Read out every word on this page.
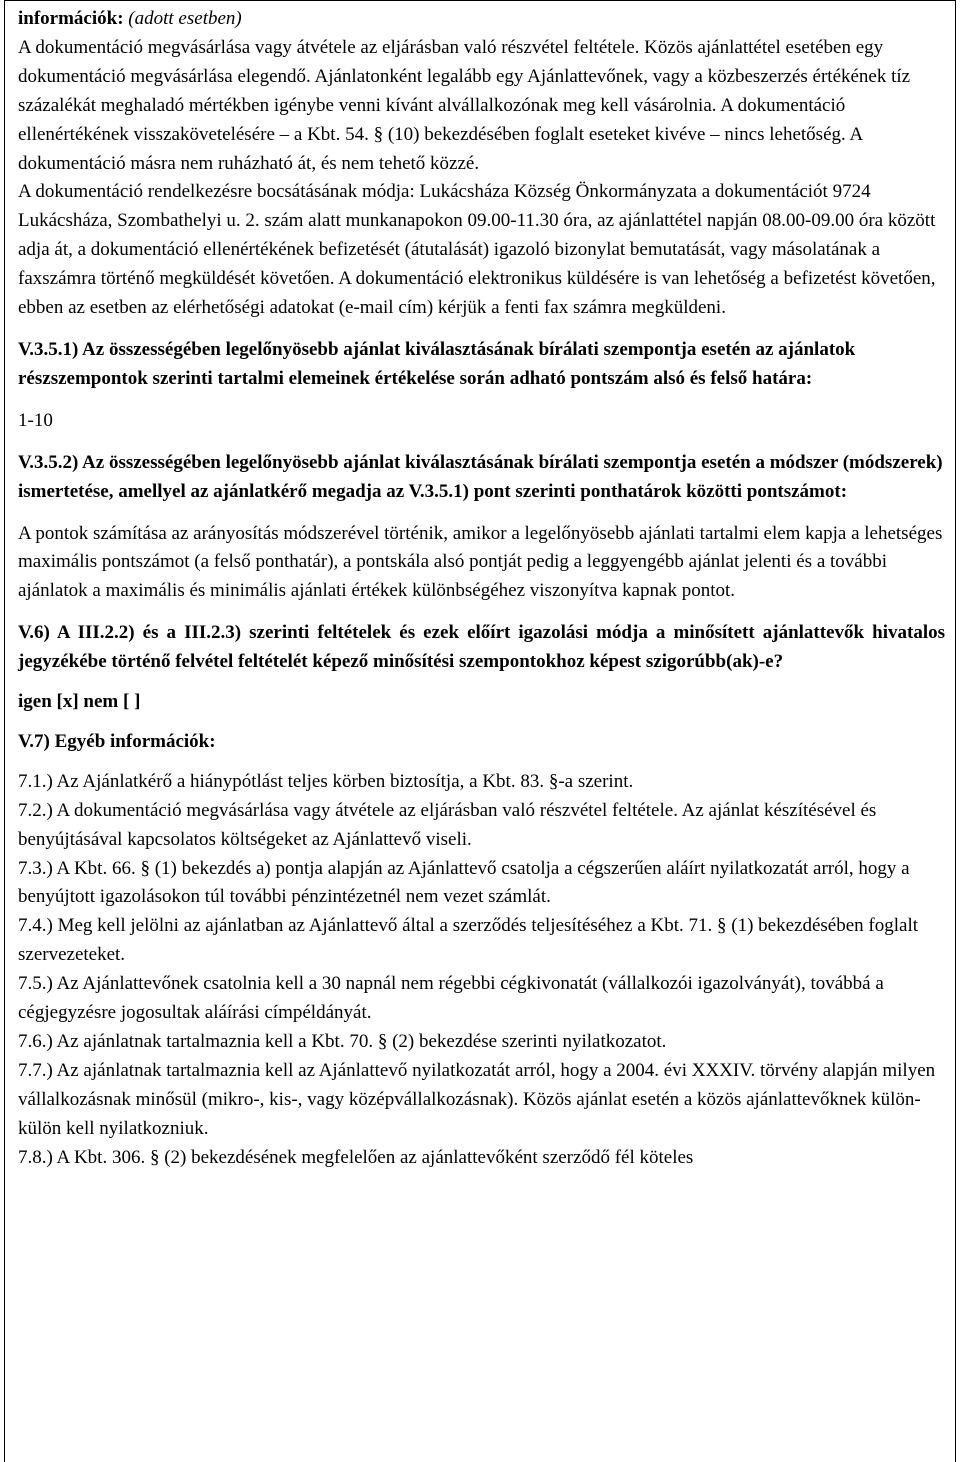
információk: (adott esetben)

A dokumentáció megvásárlása vagy átvétele az eljárásban való részvétel feltétele. Közös ajánlattétel esetében egy dokumentáció megvásárlása elegendő. Ajánlatonként legalább egy Ajánlattevőnek, vagy a közbeszerzés értékének tíz százalékát meghaladó mértékben igénybe venni kívánt alvállalkozónak meg kell vásárolnia. A dokumentáció ellenértékének visszakövetelésére – a Kbt. 54. § (10) bekezdésében foglalt eseteket kivéve – nincs lehetőség. A dokumentáció másra nem ruházható át, és nem tehető közzé.

A dokumentáció rendelkezésre bocsátásának módja: Lukácsháza Község Önkormányzata a dokumentációt 9724 Lukácsháza, Szombathelyi u. 2. szám alatt munkanapokon 09.00-11.30 óra, az ajánlattétel napján 08.00-09.00 óra között adja át, a dokumentáció ellenértékének befizetését (átutalását) igazoló bizonylat bemutatását, vagy másolatának a faxszámra történő megküldését követően. A dokumentáció elektronikus küldésére is van lehetőség a befizetést követően, ebben az esetben az elérhetőségi adatokat (e-mail cím) kérjük a fenti fax számra megküldeni.

V.3.5.1) Az összességében legelőnyösebb ajánlat kiválasztásának bírálati szempontja esetén az ajánlatok részszempontok szerinti tartalmi elemeinek értékelése során adható pontszám alsó és felső határa:

1-10

V.3.5.2) Az összességében legelőnyösebb ajánlat kiválasztásának bírálati szempontja esetén a módszer (módszerek) ismertetése, amellyel az ajánlatkérő megadja az V.3.5.1) pont szerinti ponthatárok közötti pontszámot:

A pontok számítása az arányosítás módszerével történik, amikor a legelőnyösebb ajánlati tartalmi elem kapja a lehetséges maximális pontszámot (a felső ponthatár), a pontskála alsó pontját pedig a leggyengébb ajánlat jelenti és a további ajánlatok a maximális és minimális ajánlati értékek különbségéhez viszonyítva kapnak pontot.

V.6) A III.2.2) és a III.2.3) szerinti feltételek és ezek előírt igazolási módja a minősített ajánlattevők hivatalos jegyzékébe történő felvétel feltételét képező minősítési szempontokhoz képest szigorúbb(ak)-e?

igen [x] nem [ ]

V.7) Egyéb információk:

7.1.) Az Ajánlatkérő a hiánypótlást teljes körben biztosítja, a Kbt. 83. §-a szerint.

7.2.) A dokumentáció megvásárlása vagy átvétele az eljárásban való részvétel feltétele. Az ajánlat készítésével és benyújtásával kapcsolatos költségeket az Ajánlattevő viseli.

7.3.) A Kbt. 66. § (1) bekezdés a) pontja alapján az Ajánlattevő csatolja a cégszerűen aláírt nyilatkozatát arról, hogy a benyújtott igazolásokon túl további pénzintézetnél nem vezet számlát.

7.4.) Meg kell jelölni az ajánlatban az Ajánlattevő által a szerződés teljesítéséhez a Kbt. 71. § (1) bekezdésében foglalt szervezeteket.

7.5.) Az Ajánlattevőnek csatolnia kell a 30 napnál nem régebbi cégkivonatát (vállalkozói igazolványát), továbbá a cégjegyzésre jogosultak aláírási címpéldányát.

7.6.) Az ajánlatnak tartalmaznia kell a Kbt. 70. § (2) bekezdése szerinti nyilatkozatot.

7.7.) Az ajánlatnak tartalmaznia kell az Ajánlattevő nyilatkozatát arról, hogy a 2004. évi XXXIV. törvény alapján milyen vállalkozásnak minősül (mikro-, kis-, vagy középvállalkozásnak). Közös ajánlat esetén a közös ajánlattevőknek külön-külön kell nyilatkozniuk.

7.8.) A Kbt. 306. § (2) bekezdésének megfelelően az ajánlattevőként szerződő fél köteles
